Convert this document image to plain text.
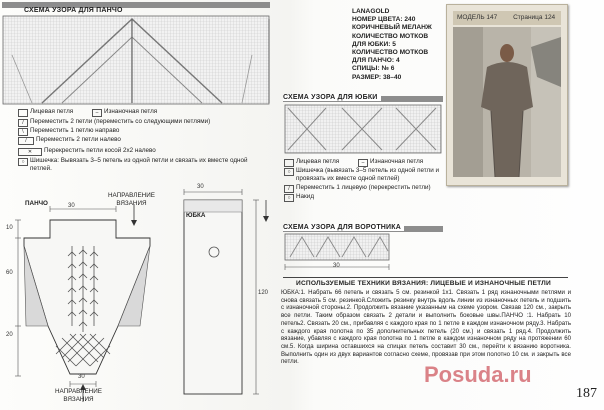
СХЕМА УЗОРА ДЛЯ ПАНЧО
Лицевая петля	– Изнаночная петля
/	Переместить 2 петли (переместить со следующими петлями)
\	Переместить 1 петлю направо
/	Переместить 2 петли налево
✕	Перекрестить петли косой 2х2 налево
○ Шишечка: Вывязать 3–5 петель из одной петли и связать их вместе одной петлей.
НАПРАВЛЕНИЕ
ВЯЗАНИЯ
ПАНЧО	30
10
60
20
30
НАПРАВЛЕНИЕ
ВЯЗАНИЯ
30
ЮБКА
120
LANAGOLD
НОМЕР ЦВЕТА: 240
КОРИЧНЕВЫЙ МЕЛАНЖ
КОЛИЧЕСТВО МОТКОВ
ДЛЯ ЮБКИ: 5
КОЛИЧЕСТВО МОТКОВ
ДЛЯ ПАНЧО: 4
СПИЦЫ: № 6
РАЗМЕР: 38–40
МОДЕЛЬ 147 Страница 124
СХЕМА УЗОРА ДЛЯ ЮБКИ
Лицевая петля	– Изнаночная петля
○ Шишечка (вывязать 3–5 петель из одной петли и провязать их вместе одной петлей)
/	Переместить 1 лицевую (перекрестить петли)
○ Накид
СХЕМА УЗОРА ДЛЯ ВОРОТНИКА
30
ИСПОЛЬЗУЕМЫЕ ТЕХНИКИ ВЯЗАНИЯ: ЛИЦЕВЫЕ И ИЗНАНОЧНЫЕ ПЕТЛИ
ЮБКА:1. Набрать 66 петель и связать 5 см. резинкой 1х1. Связать 1 ряд изнаночными петлями и снова связать 5 см. резинкой.Сложить резинку внутрь вдоль линии из изнаночных петель и подшить с изнаночной стороны.2. Продолжить вязание указанным на схеме узором. Связав 120 см., закрыть все петли. Таким образом связать 2 детали и выполнить боковые швы.ПАНЧО :1. Набрать 10 петель2. Связать 20 см., прибавляя с каждого края по 1 петле в каждом изнаночном ряду.3. Набрать с каждого края полотна по 35 дополнительных петель (20 см.) и связать 1 ряд.4. Продолжить вязание, убавляя с каждого края полотна по 1 петле в каждом изнаночном ряду на протяжении 60 см.5. Когда ширина оставшихся на спицах петель составит 30 см., перейти к вязанию воротника. Выполнить один из двух вариантов согласно схеме, провязав при этом полотно 10 см. и закрыть все петли.
Posuda.ru
187
